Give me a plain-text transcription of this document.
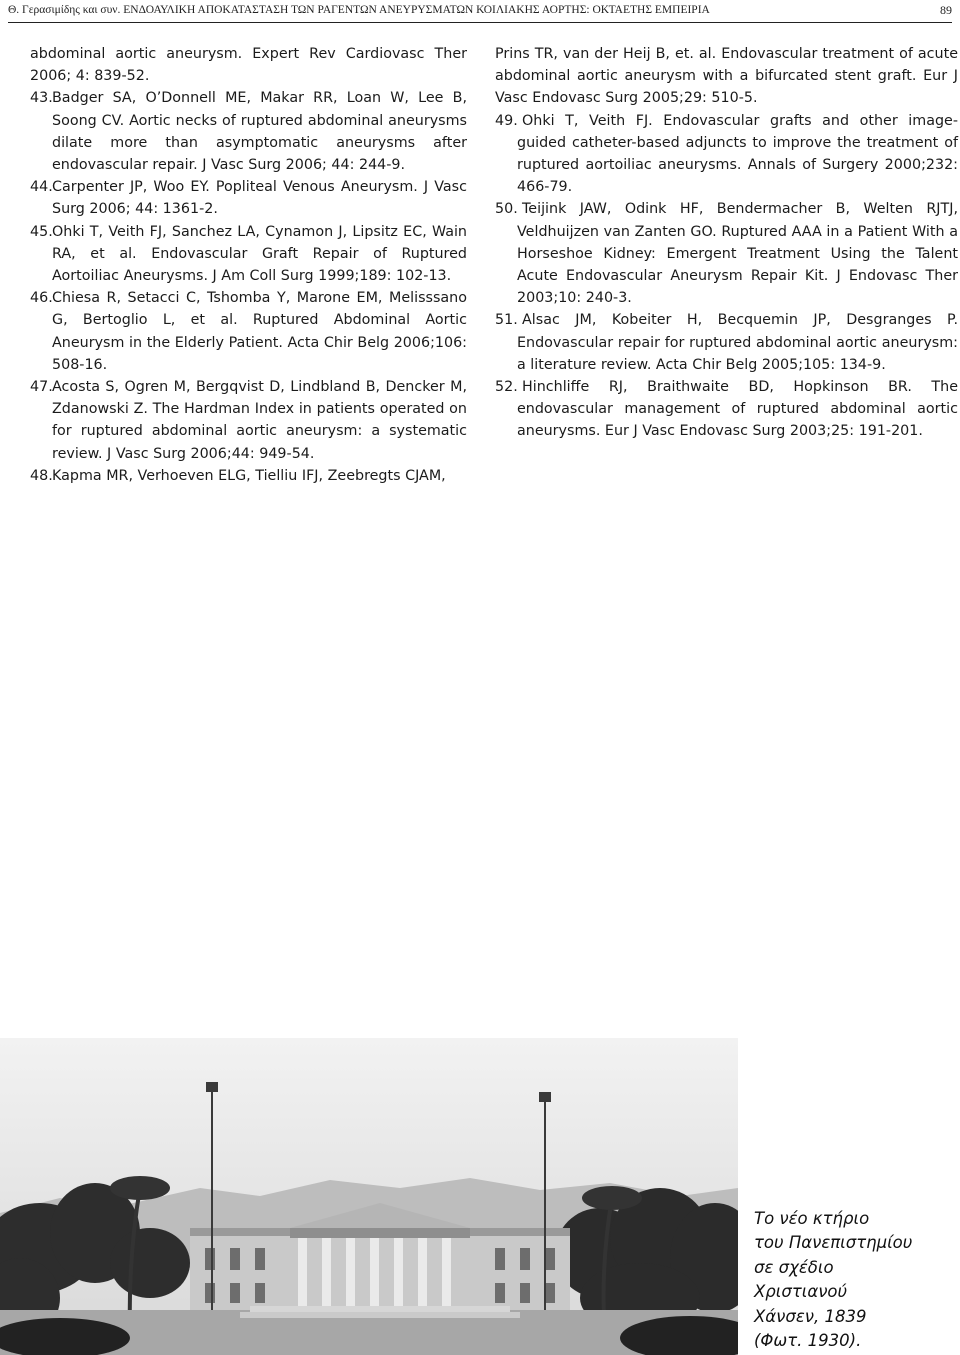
Θ. Γερασιμίδης και συν. ΕΝΔΟΑΥΛΙΚΗ ΑΠΟΚΑΤΑΣΤΑΣΗ ΤΩΝ ΡΑΓΕΝΤΩΝ ΑΝΕΥΡΥΣΜΑΤΩΝ ΚΟΙΛΙΑΚΗΣ ΑΟΡΤΗΣ: ΟΚΤΑΕΤΗΣ ΕΜΠΕΙΡΙΑ	89

abdominal aortic aneurysm. Expert Rev Cardiovasc Ther 2006; 4: 839-52.

43.Badger SA, O’Donnell ME, Makar RR, Loan W, Lee B, Soong CV. Aortic necks of ruptured abdominal aneurysms dilate more than asymptomatic aneurysms after endovascular repair. J Vasc Surg 2006; 44: 244-9.

44.Carpenter JP, Woo EY. Popliteal Venous Aneurysm. J Vasc Surg 2006; 44: 1361-2.

45.Ohki T, Veith FJ, Sanchez LA, Cynamon J, Lipsitz EC, Wain RA, et al. Endovascular Graft Repair of Ruptured Aortoiliac Aneurysms. J Am Coll Surg 1999;189: 102-13.

46.Chiesa R, Setacci C, Tshomba Y, Marone EM, Melisssano G, Bertoglio L, et al. Ruptured Abdominal Aortic Aneurysm in the Elderly Patient. Acta Chir Belg 2006;106: 508-16.

47.Acosta S, Ogren M, Bergqvist D, Lindbland B, Dencker M, Zdanowski Z. The Hardman Index in patients operated on for ruptured abdominal aortic aneurysm: a systematic review. J Vasc Surg 2006;44: 949-54.

48.Kapma MR, Verhoeven ELG, Tielliu IFJ, Zeebregts CJAM,

Prins TR, van der Heij B, et. al. Endovascular treatment of acute abdominal aortic aneurysm with a bifurcated stent graft. Eur J Vasc Endovasc Surg 2005;29: 510-5.

49. Ohki T, Veith FJ. Endovascular grafts and other image-guided catheter-based adjuncts to improve the treatment of ruptured aortoiliac aneurysms. Annals of Surgery 2000;232: 466-79.

50. Teijink JAW, Odink HF, Bendermacher B, Welten RJTJ, Veldhuijzen van Zanten GO. Ruptured AAA in a Patient With a Horseshoe Kidney: Emergent Treatment Using the Talent Acute Endovascular Aneurysm Repair Kit. J Endovasc Ther 2003;10: 240-3.

51. Alsac JM, Kobeiter H, Becquemin JP, Desgranges P. Endovascular repair for ruptured abdominal aortic aneurysm: a literature review. Acta Chir Belg 2005;105: 134-9.

52. Hinchliffe RJ, Braithwaite BD, Hopkinson BR. The endovascular management of ruptured abdominal aortic aneurysms. Eur J Vasc Endovasc Surg 2003;25: 191-201.

Το νέο κτήριο
του Πανεπιστημίου
σε σχέδιο
Χριστιανού
Χάνσεν, 1839
(Φωτ. 1930).
